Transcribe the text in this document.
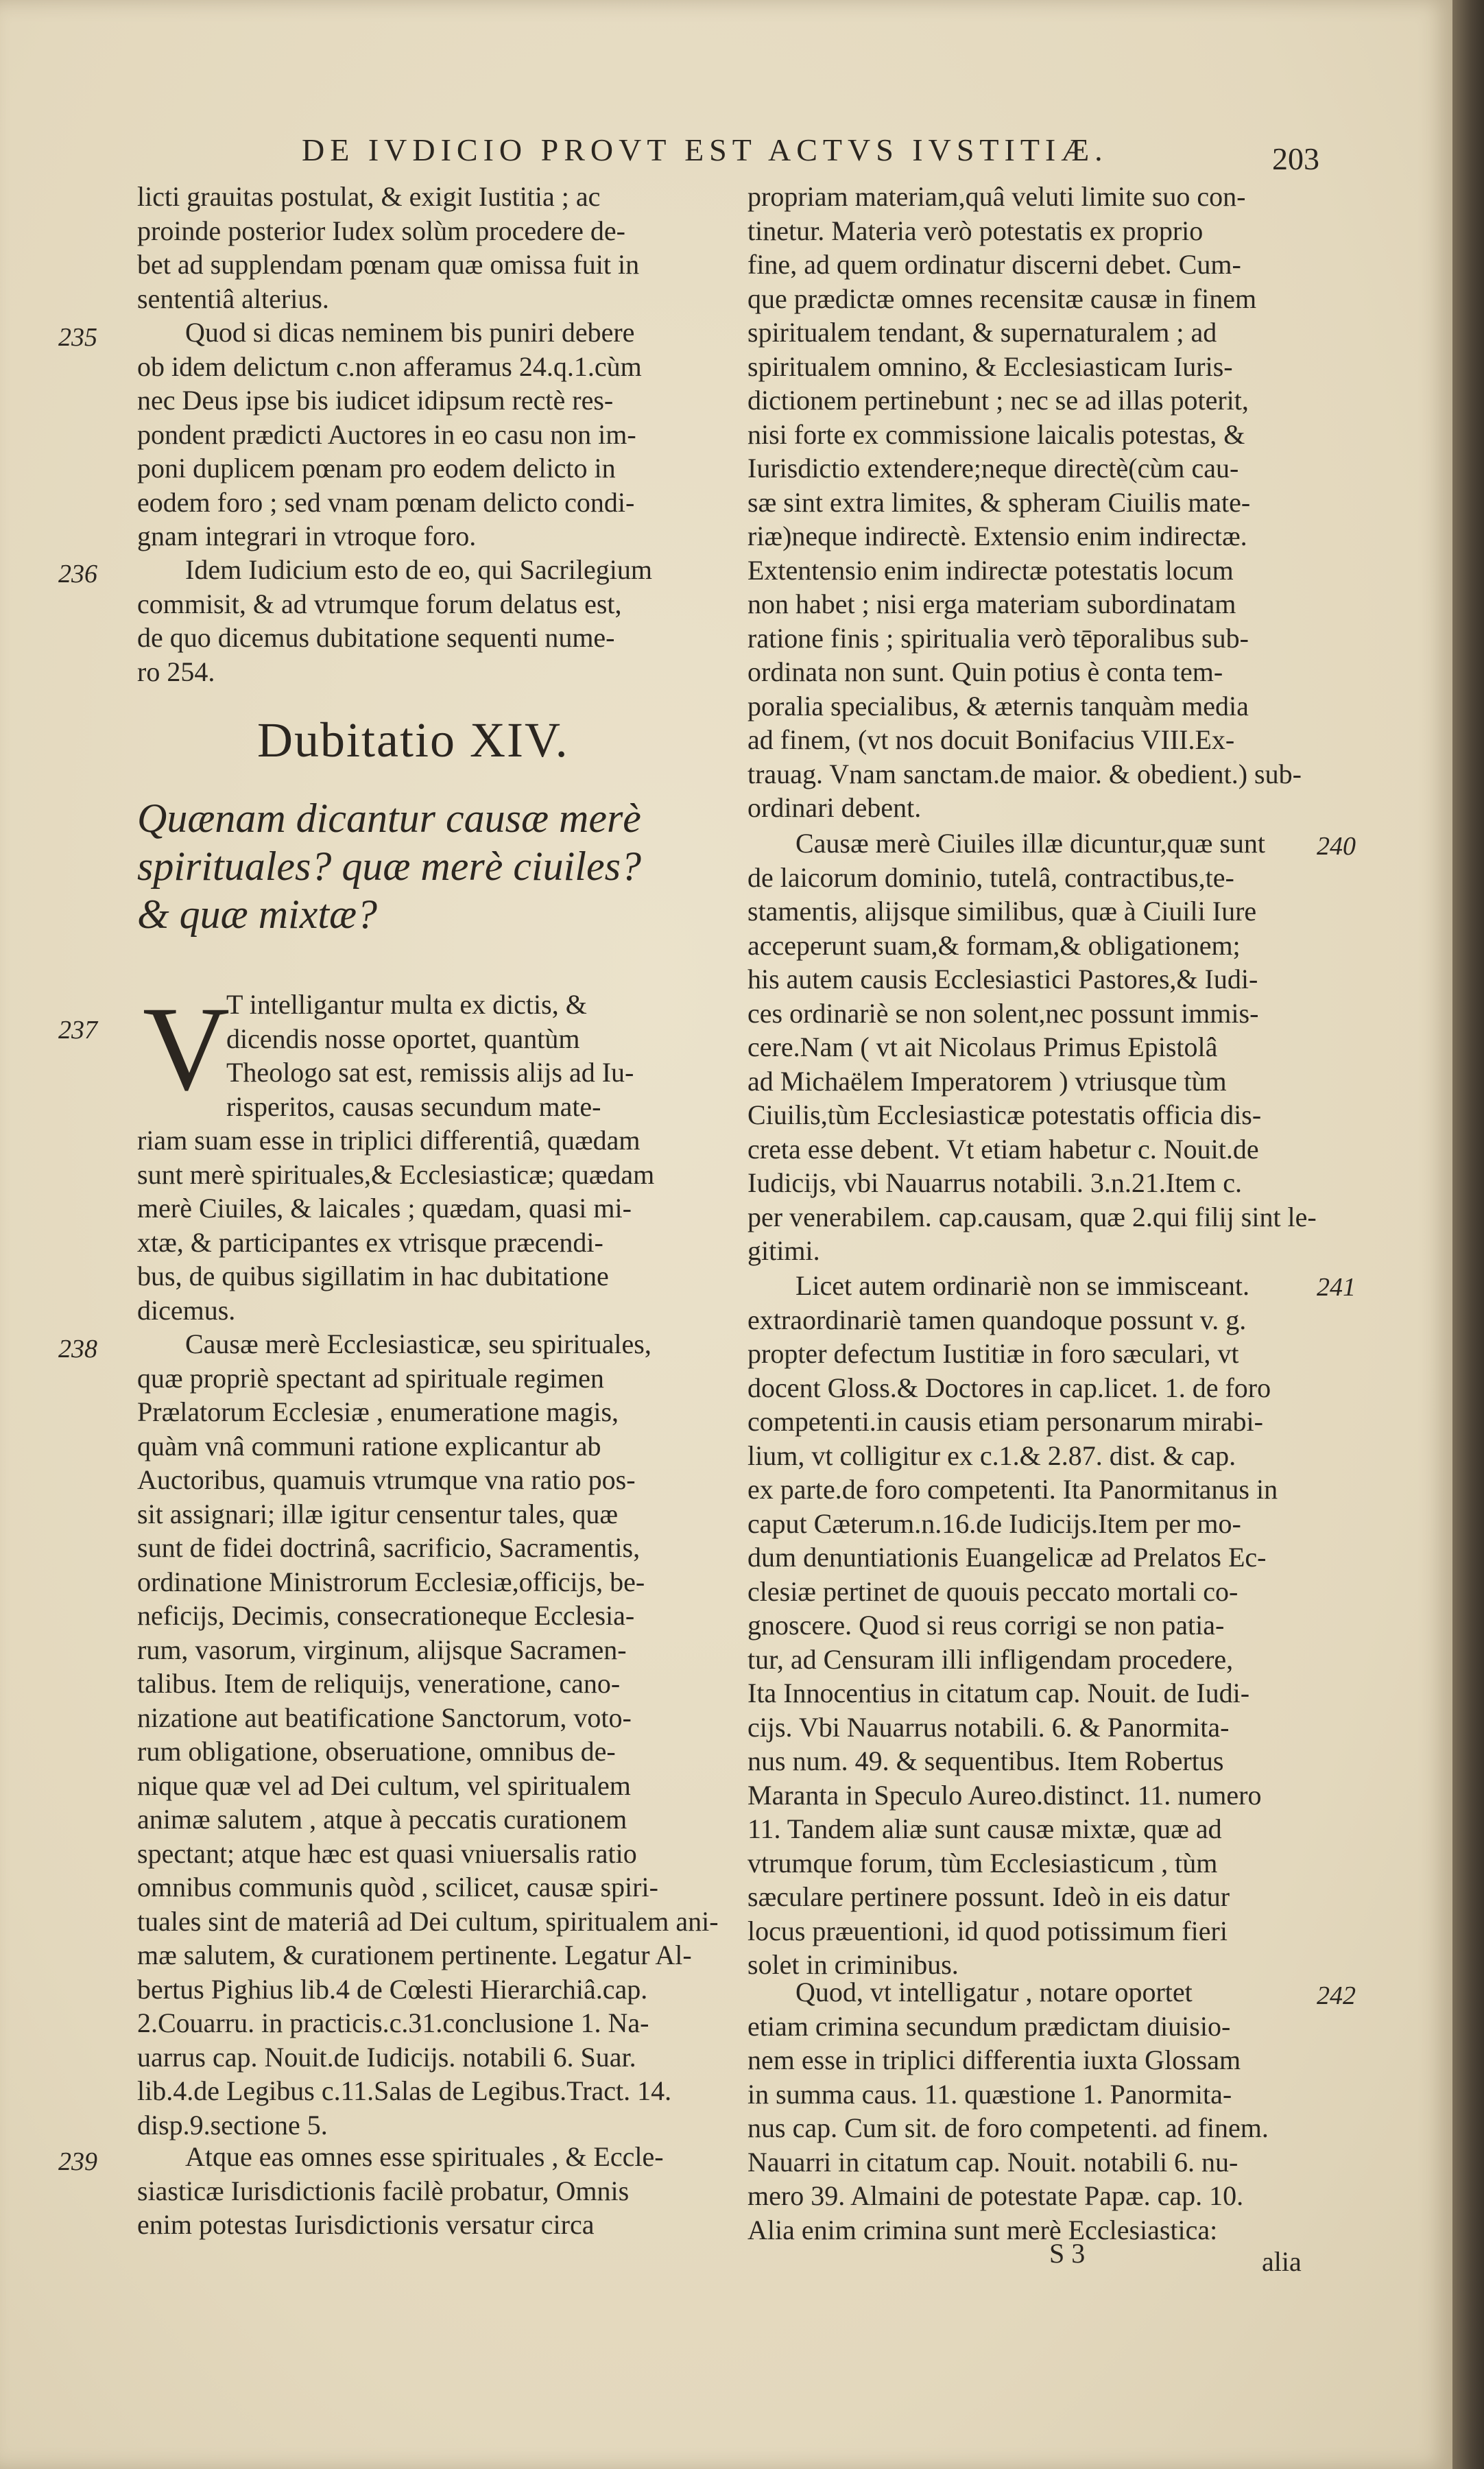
DE IVDICIO PROVT EST ACTVS IVSTITIÆ.	203
licti grauitas postulat, & exigit Iustitia ; ac
proinde posterior Iudex solùm procedere de-
bet ad supplendam pœnam quæ omissa fuit in
sententiâ alterius.
235	Quod si dicas neminem bis puniri debere
ob idem delictum c.non afferamus 24.q.1.cùm
nec Deus ipse bis iudicet idipsum rectè res-
pondent prædicti Auctores in eo casu non im-
poni duplicem pœnam pro eodem delicto in
eodem foro ; sed vnam pœnam delicto condi-
gnam integrari in vtroque foro.
236	Idem Iudicium esto de eo, qui Sacrilegium
commisit, & ad vtrumque forum delatus est,
de quo dicemus dubitatione sequenti nume-
ro 254.
Dubitatio XIV.
Quænam dicantur causæ merè
spirituales? quæ merè ciuiles?
& quæ mixtæ?
237 V
T intelligantur multa ex dictis, &
dicendis nosse oportet, quantùm
Theologo sat est, remissis alijs ad Iu-
risperitos, causas secundum mate-
riam suam esse in triplici differentiâ, quædam
sunt merè spirituales,& Ecclesiasticæ; quædam
merè Ciuiles, & laicales ; quædam, quasi mi-
xtæ, & participantes ex vtrisque præcendi-
bus, de quibus sigillatim in hac dubitatione
dicemus.
238	Causæ merè Ecclesiasticæ, seu spirituales,
quæ propriè spectant ad spirituale regimen
Prælatorum Ecclesiæ , enumeratione magis,
quàm vnâ communi ratione explicantur ab
Auctoribus, quamuis vtrumque vna ratio pos-
sit assignari; illæ igitur censentur tales, quæ
sunt de fidei doctrinâ, sacrificio, Sacramentis,
ordinatione Ministrorum Ecclesiæ,officijs, be-
neficijs, Decimis, consecrationeque Ecclesia-
rum, vasorum, virginum, alijsque Sacramen-
talibus. Item de reliquijs, veneratione, cano-
nizatione aut beatificatione Sanctorum, voto-
rum obligatione, obseruatione, omnibus de-
nique quæ vel ad Dei cultum, vel spiritualem
animæ salutem , atque à peccatis curationem
spectant; atque hæc est quasi vniuersalis ratio
omnibus communis quòd , scilicet, causæ spiri-
tuales sint de materiâ ad Dei cultum, spiritualem ani-
mæ salutem, & curationem pertinente. Legatur Al-
bertus Pighius lib.4 de Cœlesti Hierarchiâ.cap.
2.Couarru. in practicis.c.31.conclusione 1. Na-
uarrus cap. Nouit.de Iudicijs. notabili 6. Suar.
lib.4.de Legibus c.11.Salas de Legibus.Tract. 14.
disp.9.sectione 5.
239	Atque eas omnes esse spirituales , & Eccle-
siasticæ Iurisdictionis facilè probatur, Omnis
enim potestas Iurisdictionis versatur circa
propriam materiam,quâ veluti limite suo con-
tinetur. Materia verò potestatis ex proprio
fine, ad quem ordinatur discerni debet. Cum-
que prædictæ omnes recensitæ causæ in finem
spiritualem tendant, & supernaturalem ; ad
spiritualem omnino, & Ecclesiasticam Iuris-
dictionem pertinebunt ; nec se ad illas poterit,
nisi forte ex commissione laicalis potestas, &
Iurisdictio extendere;neque directè(cùm cau-
sæ sint extra limites, & spheram Ciuilis mate-
riæ)neque indirectè. Extensio enim indirectæ.
Extentensio enim indirectæ potestatis locum
non habet ; nisi erga materiam subordinatam
ratione finis ; spiritualia verò tēporalibus sub-
ordinata non sunt. Quin potius è conta tem-
poralia specialibus, & æternis tanquàm media
ad finem, (vt nos docuit Bonifacius VIII.Ex-
trauag. Vnam sanctam.de maior. & obedient.) sub-
ordinari debent.
240
Causæ merè Ciuiles illæ dicuntur,quæ sunt
de laicorum dominio, tutelâ, contractibus,te-
stamentis, alijsque similibus, quæ à Ciuili Iure
acceperunt suam,& formam,& obligationem;
his autem causis Ecclesiastici Pastores,& Iudi-
ces ordinariè se non solent,nec possunt immis-
cere.Nam ( vt ait Nicolaus Primus Epistolâ
ad Michaëlem Imperatorem ) vtriusque tùm
Ciuilis,tùm Ecclesiasticæ potestatis officia dis-
creta esse debent. Vt etiam habetur c. Nouit.de
Iudicijs, vbi Nauarrus notabili. 3.n.21.Item c.
per venerabilem. cap.causam, quæ 2.qui filij sint le-
gitimi.
241
Licet autem ordinariè non se immisceant.
extraordinariè tamen quandoque possunt v. g.
propter defectum Iustitiæ in foro sæculari, vt
docent Gloss.& Doctores in cap.licet. 1. de foro
competenti.in causis etiam personarum mirabi-
lium, vt colligitur ex c.1.& 2.87. dist. & cap.
ex parte.de foro competenti. Ita Panormitanus in
caput Cæterum.n.16.de Iudicijs.Item per mo-
dum denuntiationis Euangelicæ ad Prelatos Ec-
clesiæ pertinet de quouis peccato mortali co-
gnoscere. Quod si reus corrigi se non patia-
tur, ad Censuram illi infligendam procedere,
Ita Innocentius in citatum cap. Nouit. de Iudi-
cijs. Vbi Nauarrus notabili. 6. & Panormita-
nus num. 49. & sequentibus. Item Robertus
Maranta in Speculo Aureo.distinct. 11. numero
11. Tandem aliæ sunt causæ mixtæ, quæ ad
vtrumque forum, tùm Ecclesiasticum , tùm
sæculare pertinere possunt. Ideò in eis datur
locus præuentioni, id quod potissimum fieri
solet in criminibus.
242
Quod, vt intelligatur , notare oportet
etiam crimina secundum prædictam diuisio-
nem esse in triplici differentia iuxta Glossam
in summa caus. 11. quæstione 1. Panormita-
nus cap. Cum sit. de foro competenti. ad finem.
Nauarri in citatum cap. Nouit. notabili 6. nu-
mero 39. Almaini de potestate Papæ. cap. 10.
Alia enim crimina sunt merè Ecclesiastica:
S 3	alia
